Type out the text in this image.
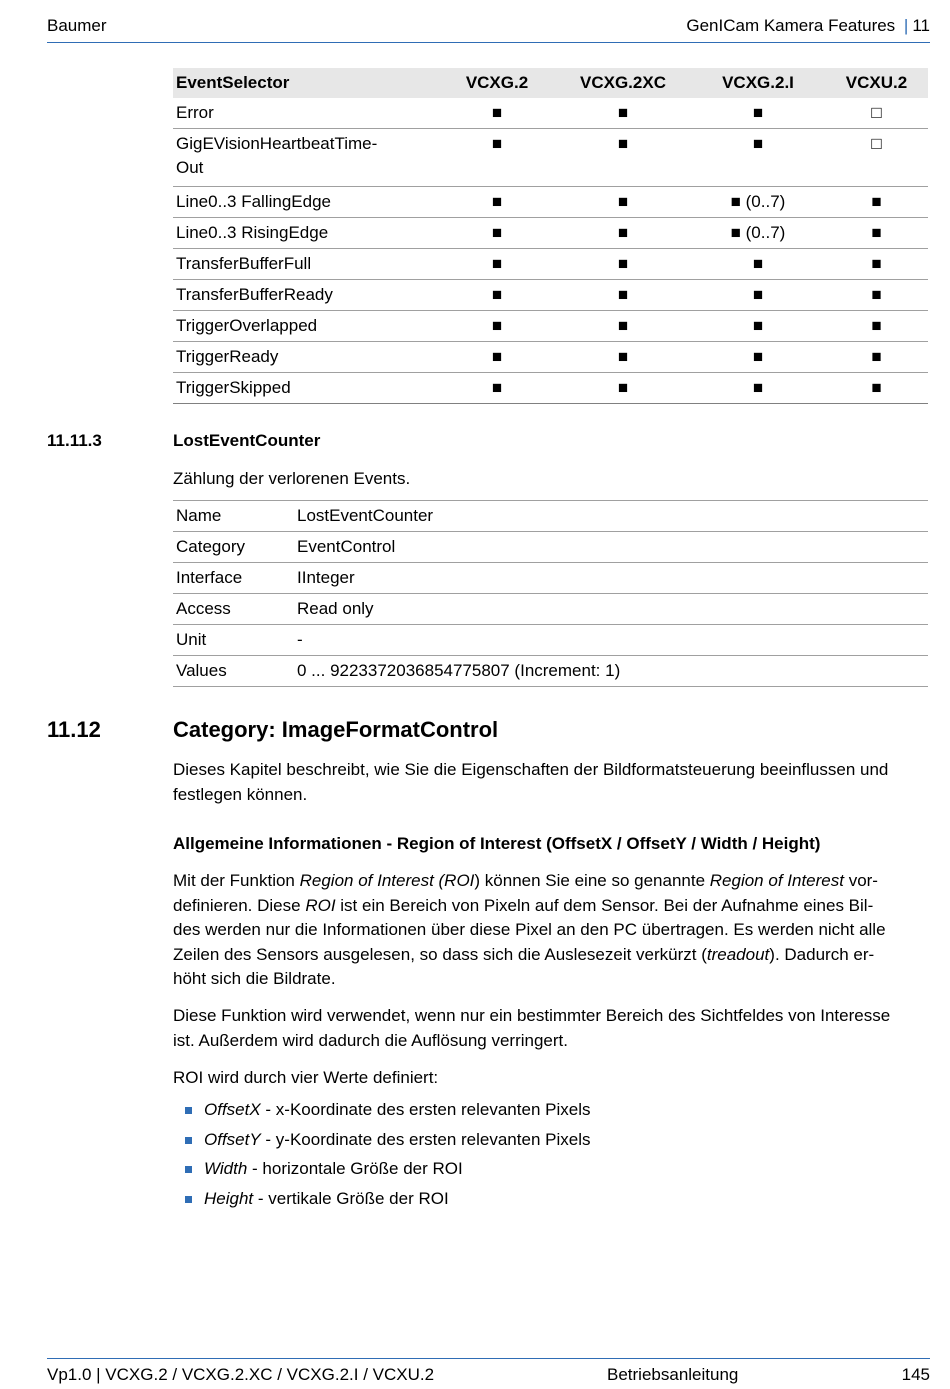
Baumer	GenICam Kamera Features | 11
EventSelector	VCXG.2	VCXG.2XC	VCXG.2.I	VCXU.2
Error	■	■	■	□
GigEVisionHeartbeatTime-
Out	■	■	■	□
Line0..3 FallingEdge	■	■	■ (0..7)	■
Line0..3 RisingEdge	■	■	■ (0..7)	■
TransferBufferFull	■	■	■	■
TransferBufferReady	■	■	■	■
TriggerOverlapped	■	■	■	■
TriggerReady	■	■	■	■
TriggerSkipped	■	■	■	■
11.11.3	LostEventCounter
Zählung der verlorenen Events.
Name	LostEventCounter
Category	EventControl
Interface	IInteger
Access	Read only
Unit	-
Values	0 ... 9223372036854775807 (Increment: 1)
11.12	Category: ImageFormatControl
Dieses Kapitel beschreibt, wie Sie die Eigenschaften der Bildformatsteuerung beeinflussen und
festlegen können.
Allgemeine Informationen - Region of Interest (OffsetX / OffsetY / Width / Height)
Mit der Funktion Region of Interest (ROI) können Sie eine so genannte Region of Interest vor-
definieren. Diese ROI ist ein Bereich von Pixeln auf dem Sensor. Bei der Aufnahme eines Bil-
des werden nur die Informationen über diese Pixel an den PC übertragen. Es werden nicht alle
Zeilen des Sensors ausgelesen, so dass sich die Auslesezeit verkürzt (treadout). Dadurch er-
höht sich die Bildrate.
Diese Funktion wird verwendet, wenn nur ein bestimmter Bereich des Sichtfeldes von Interesse
ist. Außerdem wird dadurch die Auflösung verringert.
ROI wird durch vier Werte definiert:
OffsetX - x-Koordinate des ersten relevanten Pixels
OffsetY - y-Koordinate des ersten relevanten Pixels
Width - horizontale Größe der ROI
Height - vertikale Größe der ROI
Vp1.0 | VCXG.2 / VCXG.2.XC / VCXG.2.I / VCXU.2	Betriebsanleitung	145
